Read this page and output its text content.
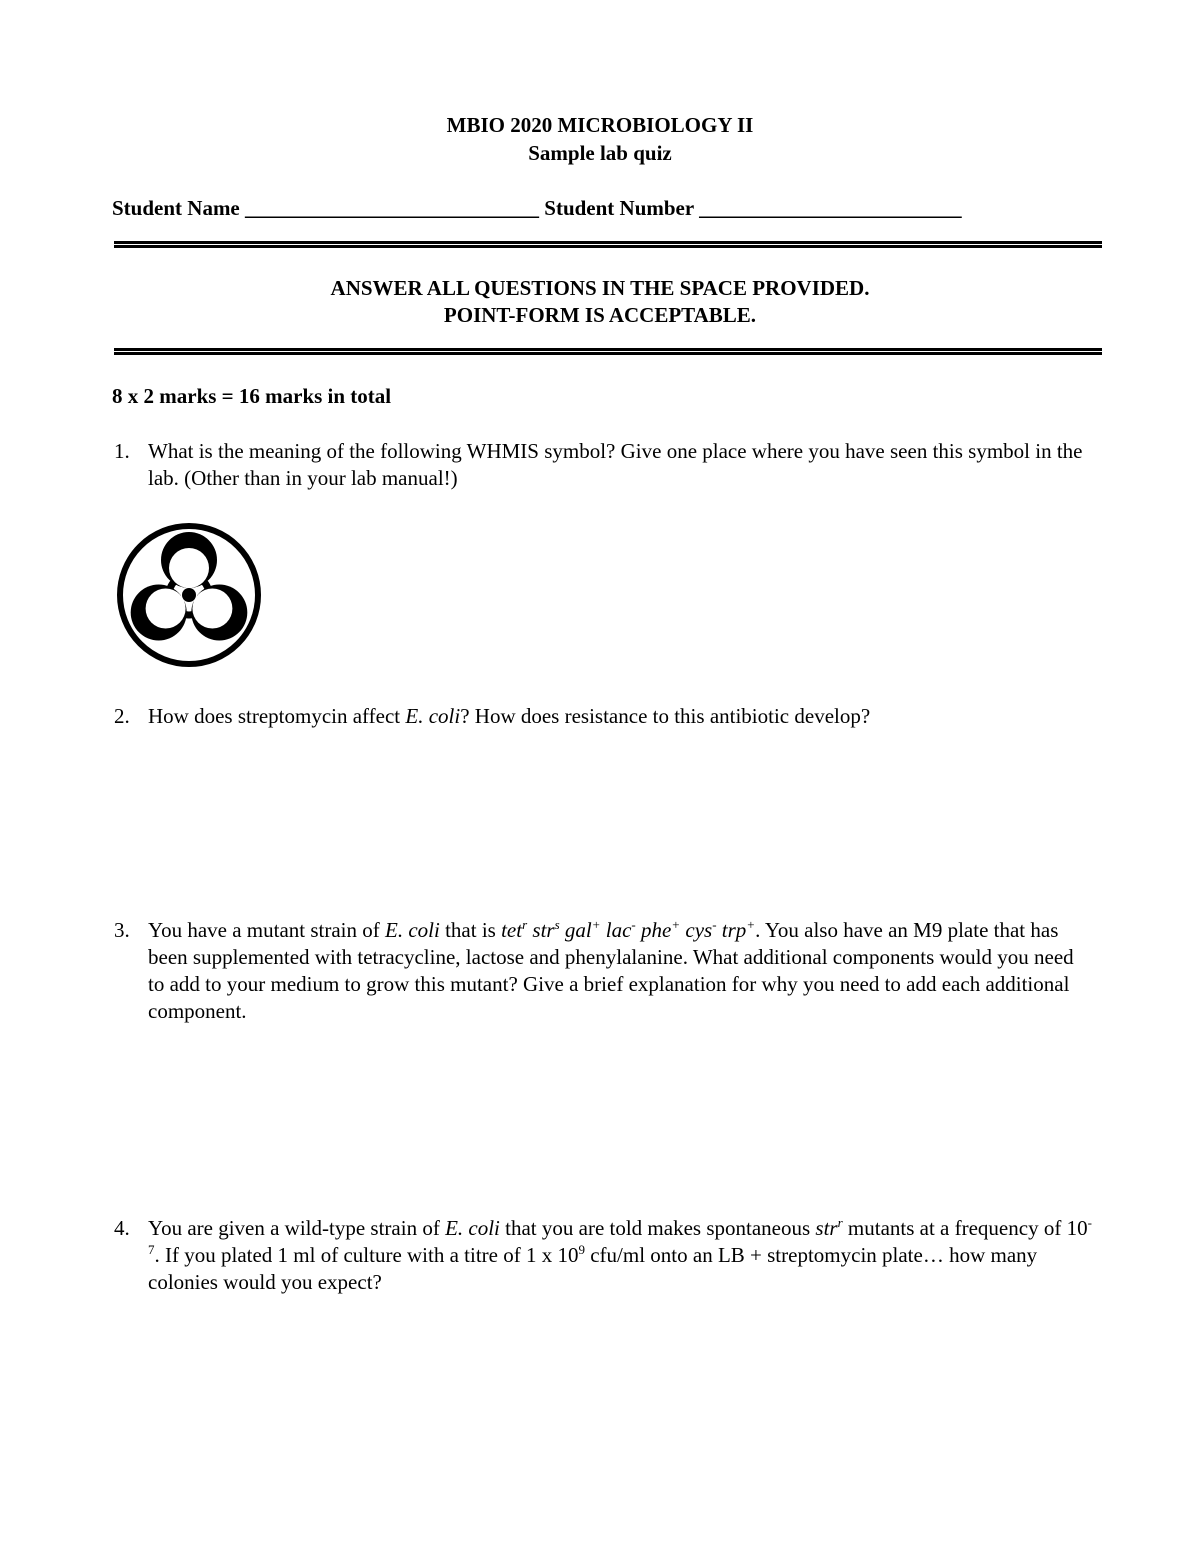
MBIO 2020 MICROBIOLOGY II
Sample lab quiz
Student Name ____________________________ Student Number _________________________
ANSWER ALL QUESTIONS IN THE SPACE PROVIDED.
POINT-FORM IS ACCEPTABLE.
8 x 2 marks = 16 marks in total
1. What is the meaning of the following WHMIS symbol? Give one place where you have seen this symbol in the lab. (Other than in your lab manual!)
2. How does streptomycin affect E. coli? How does resistance to this antibiotic develop?
3. You have a mutant strain of E. coli that is tet$^r$ str$^s$ gal+ lac- phe+ cys- trp+. You also have an M9 plate that has been supplemented with tetracycline, lactose and phenylalanine. What additional components would you need to add to your medium to grow this mutant? Give a brief explanation for why you need to add each additional component.
4. You are given a wild-type strain of E. coli that you are told makes spontaneous str$^r$ mutants at a frequency of $10^{-7}$. If you plated 1 ml of culture with a titre of 1 x $10^9$ cfu/ml onto an LB + streptomycin plate… how many colonies would you expect?
